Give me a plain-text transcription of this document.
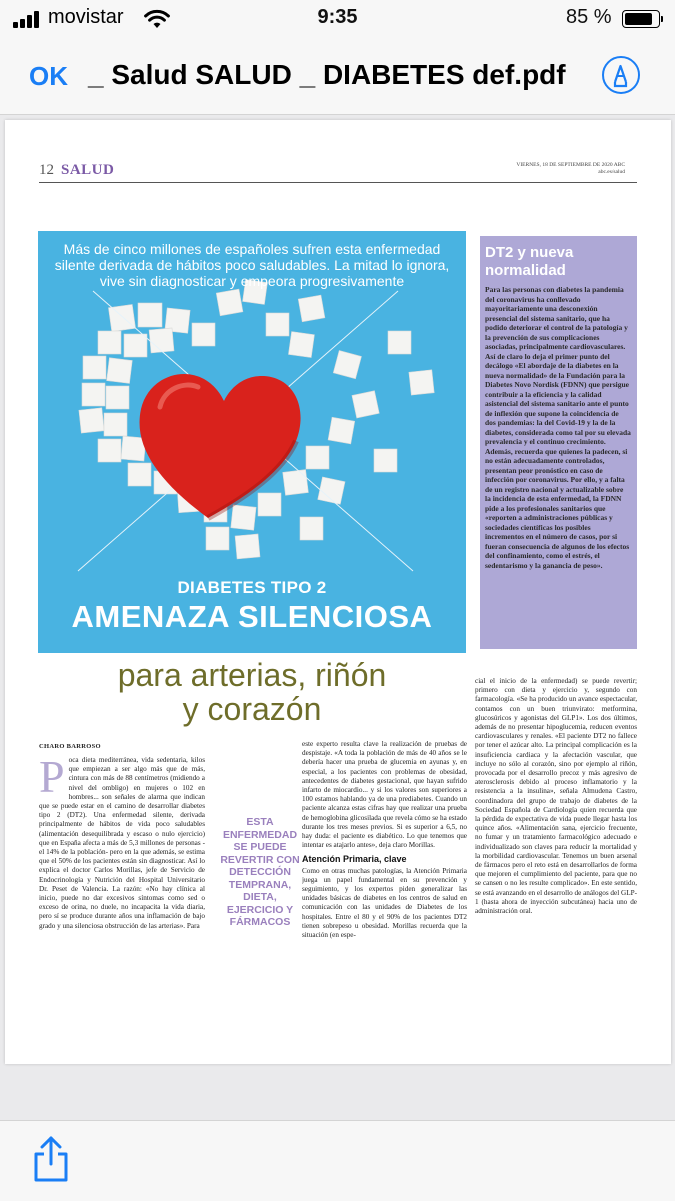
movistar	9:35	85 %
OK _ Salud SALUD _ DIABETES def.pdf
12 SALUD	VIERNES, 18 DE SEPTIEMBRE DE 2020 ABC
abc.es/salud
Más de cinco millones de españoles sufren esta enfermedad silente derivada de hábitos poco saludables. La mitad lo ignora, vive sin diagnosticar y empeora progresivamente
DIABETES TIPO 2
AMENAZA SILENCIOSA
para arterias, riñón
y corazón
DT2 y nueva normalidad
Para las personas con diabetes la pandemia del coronavirus ha conllevado mayoritariamente una desconexión presencial del sistema sanitario, que ha podido deteriorar el control de la patología y la prevención de sus complicaciones asociadas, principalmente cardiovasculares. Así de claro lo deja el primer punto del decálogo «El abordaje de la diabetes en la nueva normalidad» de la Fundación para la Diabetes Novo Nordisk (FDNN) que persigue contribuir a la eficiencia y la calidad asistencial del sistema sanitario ante el punto de inflexión que supone la coincidencia de dos pandemias: la del Covid-19 y la de la diabetes, considerada como tal por su elevada prevalencia y el continuo crecimiento. Además, recuerda que quienes la padecen, si no están adecuadamente controlados, presentan peor pronóstico en caso de infección por coronavirus. Por ello, y a falta de un registro nacional y actualizable sobre la incidencia de esta enfermedad, la FDNN pide a los profesionales sanitarios que «reporten a administraciones públicas y sociedades científicas los posibles incrementos en el número de casos, por si fueran consecuencia de algunos de los efectos del confinamiento, como el estrés, el sedentarismo y la ganancia de peso».
CHARO BARROSO
Poca dieta mediterránea, vida sedentaria, kilos que empiezan a ser algo más que de más, cintura con más de 88 centímetros (midiendo a nivel del ombligo) en mujeres o 102 en hombres... son señales de alarma que indican que se puede estar en el camino de desarrollar diabetes tipo 2 (DT2). Una enfermedad silente, derivada principalmente de hábitos de vida poco saludables (alimentación desequilibrada y escaso o nulo ejercicio) que en España afecta a más de 5,3 millones de personas -el 14% de la población- pero en la que además, se estima que el 50% de los pacientes están sin diagnosticar. Así lo explica el doctor Carlos Morillas, jefe de Servicio de Endocrinología y Nutrición del Hospital Universitario Dr. Peset de Valencia. La razón: «No hay clínica al inicio, puede no dar excesivos síntomas como sed o exceso de orina, no duele, no incapacita la vida diaria, pero sí se produce durante años una inflamación de bajo grado y una silenciosa obstrucción de las arterias». Para
ESTA ENFERMEDAD SE PUEDE REVERTIR CON DETECCIÓN TEMPRANA, DIETA, EJERCICIO Y FÁRMACOS
este experto resulta clave la realización de pruebas de despistaje. «A toda la población de más de 40 años se le debería hacer una prueba de glucemia en ayunas y, en especial, a los pacientes con problemas de obesidad, antecedentes de diabetes gestacional, que hayan sufrido infarto de miocardio... y si los valores son superiores a 100 estamos hablando ya de una prediabetes. Cuando un paciente alcanza estas cifras hay que realizar una prueba de hemoglobina glicosilada que revela cómo se ha estado durante los tres meses previos. Si es superior a 6,5, no hay duda: el paciente es diabético. Lo que tenemos que intentar es atajarlo antes», deja claro Morillas.
Atención Primaria, clave
Como en otras muchas patologías, la Atención Primaria juega un papel fundamental en su prevención y seguimiento, y los expertos piden generalizar las unidades básicas de diabetes en los centros de salud en comunicación con las unidades de Diabetes de los hospitales. Entre el 80 y el 90% de los pacientes DT2 tienen sobrepeso u obesidad. Morillas recuerda que la situación (en espe-
cial el inicio de la enfermedad) se puede revertir; primero con dieta y ejercicio y, segundo con farmacología. «Se ha producido un avance espectacular, contamos con un buen triunvirato: metformina, glucosúricos y agonistas del GLP1». Los dos últimos, además de no presentar hipoglucemia, reducen eventos cardiovasculares y renales. «El paciente DT2 no fallece por tener el azúcar alto. La principal complicación es la insuficiencia cardiaca y la afectación vascular, que incluye no sólo al corazón, sino por ejemplo al riñón, provocada por el desarrollo precoz y más agresivo de aterosclerosis debido al proceso inflamatorio y la resistencia a la insulina», señala Almudena Castro, coordinadora del grupo de trabajo de diabetes de la Sociedad Española de Cardiología quien recuerda que la pérdida de expectativa de vida puede llegar hasta los quince años. «Alimentación sana, ejercicio frecuente, no fumar y un tratamiento farmacológico adecuado e individualizado son claves para reducir la mortalidad y la morbilidad cardiovascular. Tenemos un buen arsenal de fármacos pero el reto está en desarrollarlos de forma que mejoren el cumplimiento del paciente, para que no se cansen o no les resulte complicado». En este sentido, se está avanzando en el desarrollo de análogos del GLP-1 (hasta ahora de inyección subcutánea) hacia uno de administración oral.
